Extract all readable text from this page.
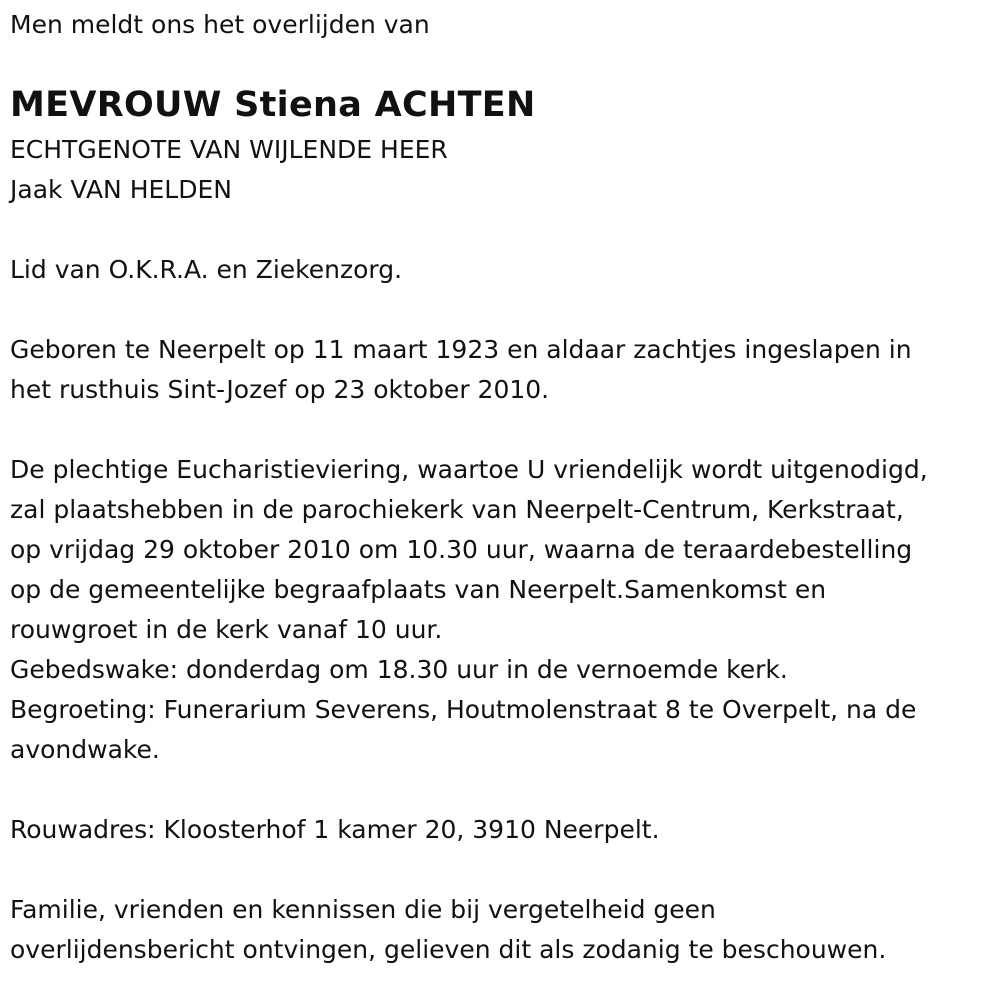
Men meldt ons het overlijden van
MEVROUW Stiena ACHTEN
ECHTGENOTE VAN WIJLENDE HEER
Jaak VAN HELDEN
Lid van O.K.R.A. en Ziekenzorg.
Geboren te Neerpelt op 11 maart 1923 en aldaar zachtjes ingeslapen in
het rusthuis Sint-Jozef op 23 oktober 2010.
De plechtige Eucharistieviering, waartoe U vriendelijk wordt uitgenodigd,
zal plaatshebben in de parochiekerk van Neerpelt-Centrum, Kerkstraat,
op vrijdag 29 oktober 2010 om 10.30 uur, waarna de teraardebestelling
op de gemeentelijke begraafplaats van Neerpelt.Samenkomst en
rouwgroet in de kerk vanaf 10 uur.
Gebedswake: donderdag om 18.30 uur in de vernoemde kerk.
Begroeting: Funerarium Severens, Houtmolenstraat 8 te Overpelt, na de
avondwake.
Rouwadres: Kloosterhof 1 kamer 20, 3910 Neerpelt.
Familie, vrienden en kennissen die bij vergetelheid geen
overlijdensbericht ontvingen, gelieven dit als zodanig te beschouwen.
